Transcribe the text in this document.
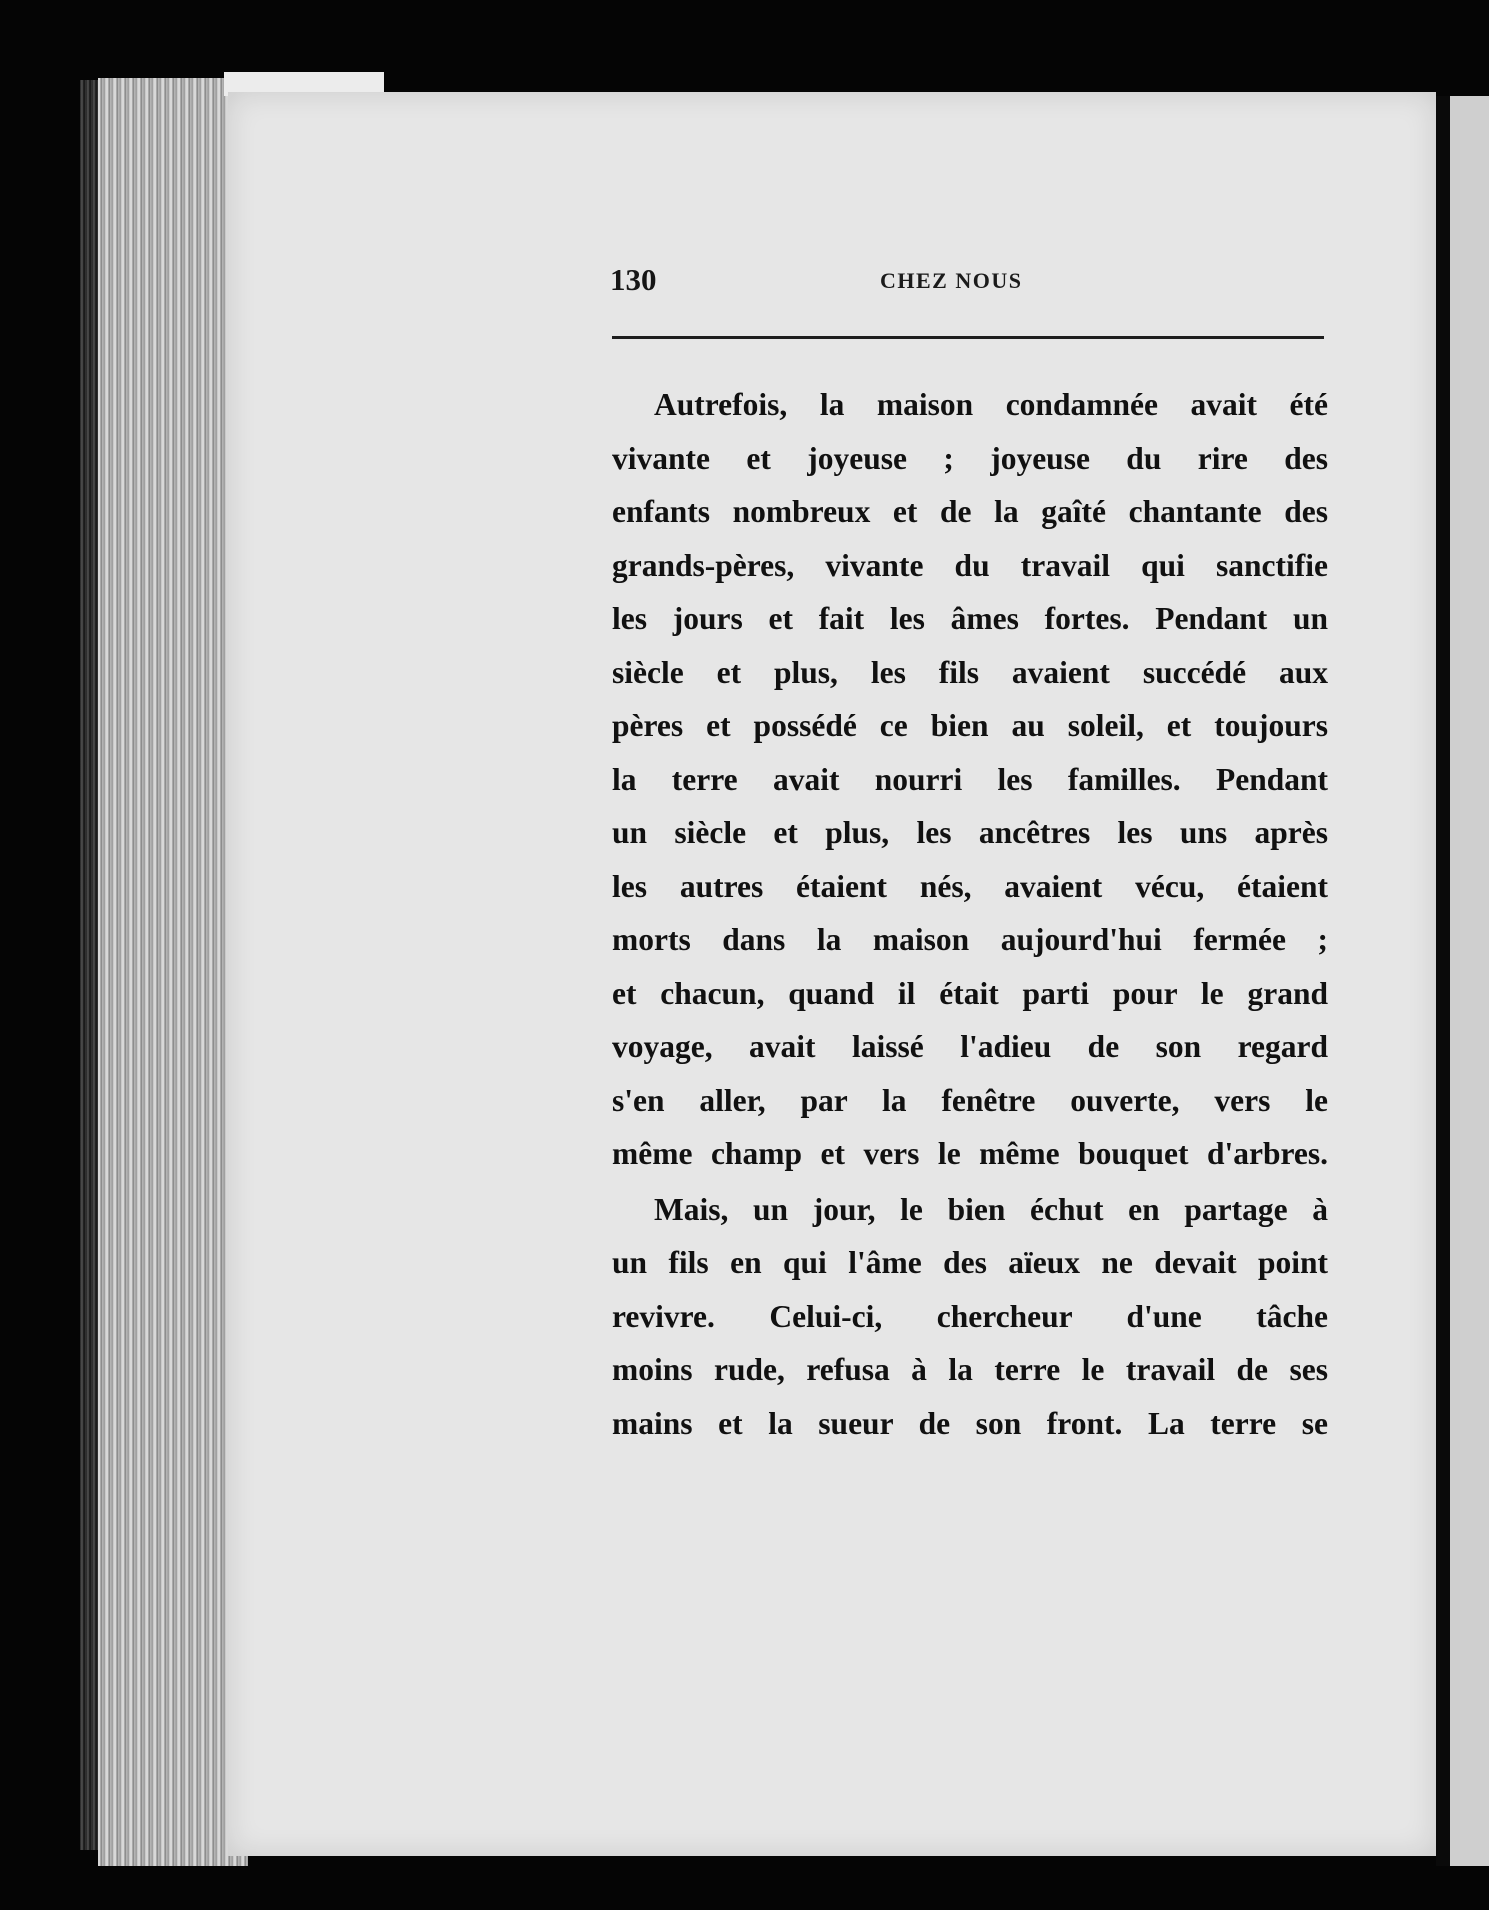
130	CHEZ NOUS
Autrefois, la maison condamnée avait été
vivante et joyeuse ; joyeuse du rire des
enfants nombreux et de la gaîté chantante des
grands-pères, vivante du travail qui sanctifie
les jours et fait les âmes fortes. Pendant un
siècle et plus, les fils avaient succédé aux
pères et possédé ce bien au soleil, et toujours
la terre avait nourri les familles. Pendant
un siècle et plus, les ancêtres les uns après
les autres étaient nés, avaient vécu, étaient
morts dans la maison aujourd'hui fermée ;
et chacun, quand il était parti pour le grand
voyage, avait laissé l'adieu de son regard
s'en aller, par la fenêtre ouverte, vers le
même champ et vers le même bouquet d'arbres.
Mais, un jour, le bien échut en partage à
un fils en qui l'âme des aïeux ne devait point
revivre. Celui-ci, chercheur d'une tâche
moins rude, refusa à la terre le travail de ses
mains et la sueur de son front. La terre se
